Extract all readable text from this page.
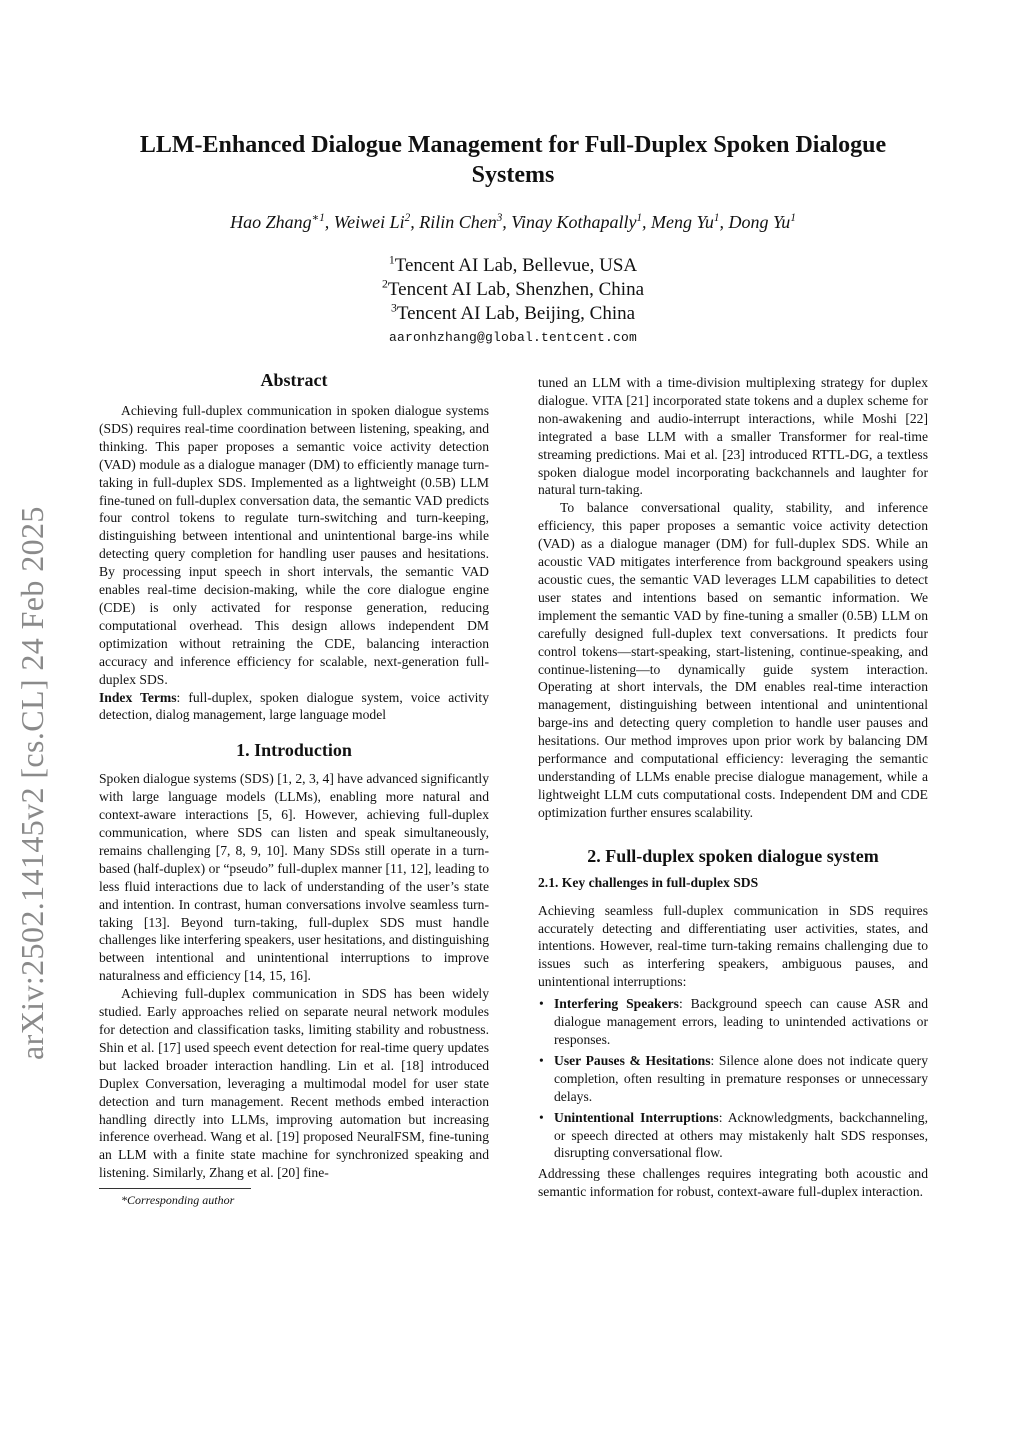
arXiv:2502.14145v2 [cs.CL] 24 Feb 2025
LLM-Enhanced Dialogue Management for Full-Duplex Spoken Dialogue Systems
Hao Zhang$^{∗1}$, Weiwei Li$^2$, Rilin Chen$^3$, Vinay Kothapally$^1$, Meng Yu$^1$, Dong Yu$^1$
$^1$Tencent AI Lab, Bellevue, USA
$^2$Tencent AI Lab, Shenzhen, China
$^3$Tencent AI Lab, Beijing, China
aaronhzhang@global.tentcent.com
Abstract

Achieving full-duplex communication in spoken dialogue systems (SDS) requires real-time coordination between listening, speaking, and thinking. This paper proposes a semantic voice activity detection (VAD) module as a dialogue manager (DM) to efficiently manage turn-taking in full-duplex SDS. Implemented as a lightweight (0.5B) LLM fine-tuned on full-duplex conversation data, the semantic VAD predicts four control tokens to regulate turn-switching and turn-keeping, distinguishing between intentional and unintentional barge-ins while detecting query completion for handling user pauses and hesitations. By processing input speech in short intervals, the semantic VAD enables real-time decision-making, while the core dialogue engine (CDE) is only activated for response generation, reducing computational overhead. This design allows independent DM optimization without retraining the CDE, balancing interaction accuracy and inference efficiency for scalable, next-generation full-duplex SDS.

Index Terms: full-duplex, spoken dialogue system, voice activity detection, dialog management, large language model

1. Introduction

Spoken dialogue systems (SDS) [1, 2, 3, 4] have advanced significantly with large language models (LLMs), enabling more natural and context-aware interactions [5, 6]. However, achieving full-duplex communication, where SDS can listen and speak simultaneously, remains challenging [7, 8, 9, 10]. Many SDSs still operate in a turn-based (half-duplex) or “pseudo” full-duplex manner [11, 12], leading to less fluid interactions due to lack of understanding of the user’s state and intention. In contrast, human conversations involve seamless turn-taking [13]. Beyond turn-taking, full-duplex SDS must handle challenges like interfering speakers, user hesitations, and distinguishing between intentional and unintentional interruptions to improve naturalness and efficiency [14, 15, 16].

Achieving full-duplex communication in SDS has been widely studied. Early approaches relied on separate neural network modules for detection and classification tasks, limiting stability and robustness. Shin et al. [17] used speech event detection for real-time query updates but lacked broader interaction handling. Lin et al. [18] introduced Duplex Conversation, leveraging a multimodal model for user state detection and turn management. Recent methods embed interaction handling directly into LLMs, improving automation but increasing inference overhead. Wang et al. [19] proposed NeuralFSM, fine-tuning an LLM with a finite state machine for synchronized speaking and listening. Similarly, Zhang et al. [20] fine-

*Corresponding author

tuned an LLM with a time-division multiplexing strategy for duplex dialogue. VITA [21] incorporated state tokens and a duplex scheme for non-awakening and audio-interrupt interactions, while Moshi [22] integrated a base LLM with a smaller Transformer for real-time streaming predictions. Mai et al. [23] introduced RTTL-DG, a textless spoken dialogue model incorporating backchannels and laughter for natural turn-taking.

To balance conversational quality, stability, and inference efficiency, this paper proposes a semantic voice activity detection (VAD) as a dialogue manager (DM) for full-duplex SDS. While an acoustic VAD mitigates interference from background speakers using acoustic cues, the semantic VAD leverages LLM capabilities to detect user states and intentions based on semantic information. We implement the semantic VAD by fine-tuning a smaller (0.5B) LLM on carefully designed full-duplex text conversations. It predicts four control tokens—start-speaking, start-listening, continue-speaking, and continue-listening—to dynamically guide system interaction. Operating at short intervals, the DM enables real-time interaction management, distinguishing between intentional and unintentional barge-ins and detecting query completion to handle user pauses and hesitations. Our method improves upon prior work by balancing DM performance and computational efficiency: leveraging the semantic understanding of LLMs enable precise dialogue management, while a lightweight LLM cuts computational costs. Independent DM and CDE optimization further ensures scalability.

2. Full-duplex spoken dialogue system
2.1. Key challenges in full-duplex SDS

Achieving seamless full-duplex communication in SDS requires accurately detecting and differentiating user activities, states, and intentions. However, real-time turn-taking remains challenging due to issues such as interfering speakers, ambiguous pauses, and unintentional interruptions:

• Interfering Speakers: Background speech can cause ASR and dialogue management errors, leading to unintended activations or responses.
• User Pauses & Hesitations: Silence alone does not indicate query completion, often resulting in premature responses or unnecessary delays.
• Unintentional Interruptions: Acknowledgments, backchanneling, or speech directed at others may mistakenly halt SDS responses, disrupting conversational flow.

Addressing these challenges requires integrating both acoustic and semantic information for robust, context-aware full-duplex interaction.
